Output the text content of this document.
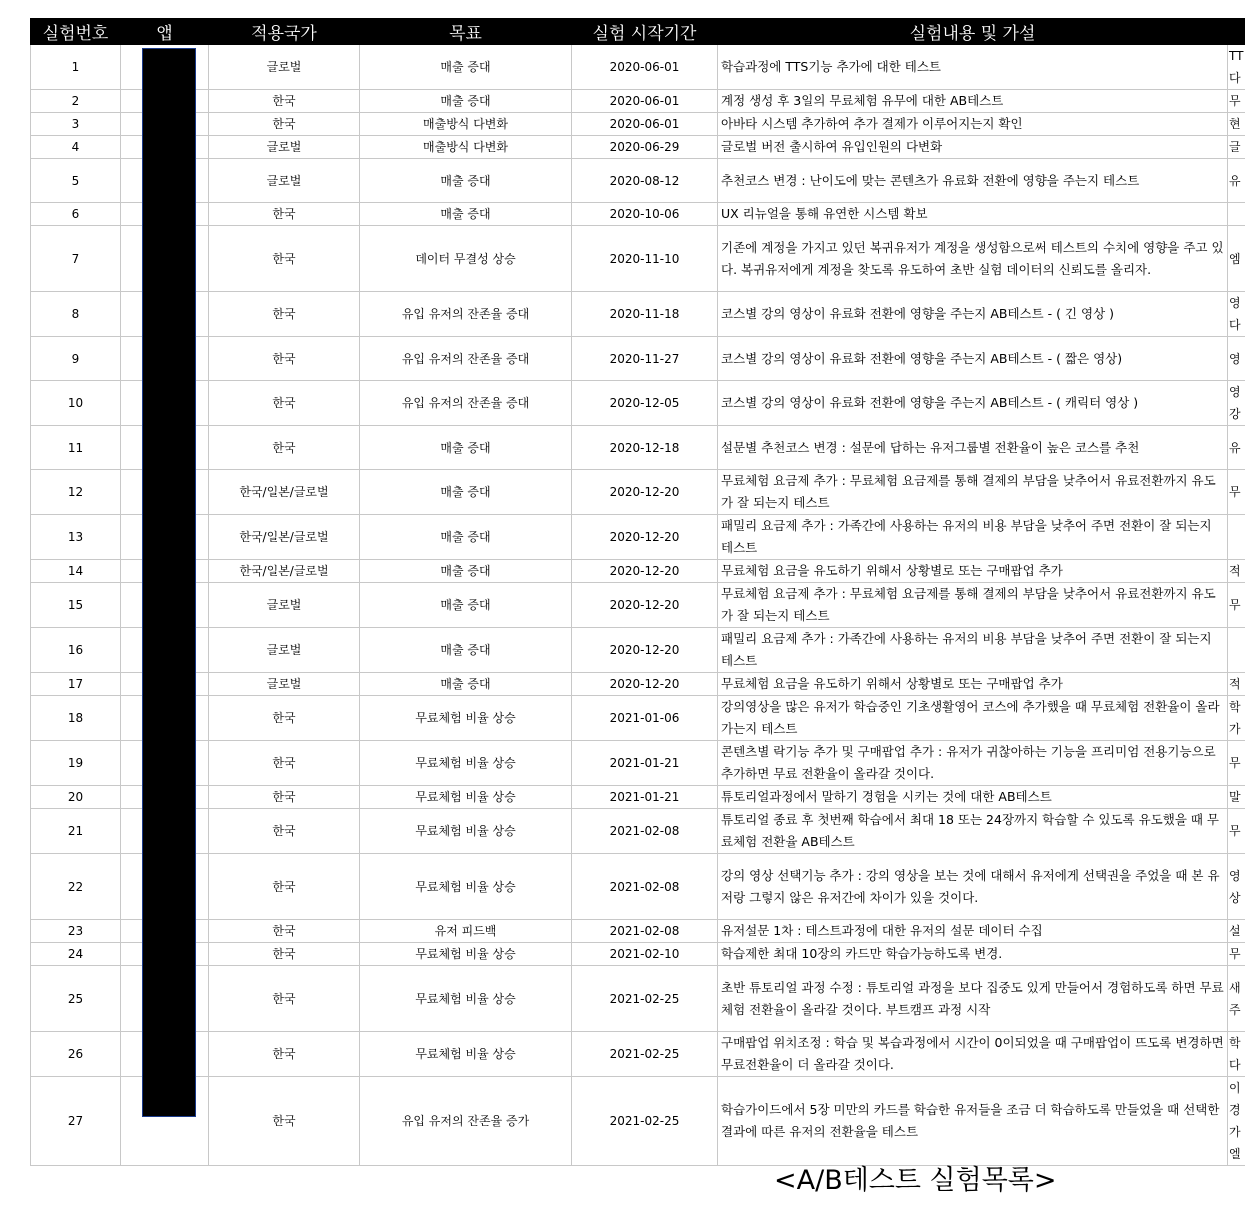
실험번호	앱	적용국가	목표	실험 시작기간	실험내용 및 가설	
1		글로벌	매출 증대	2020-06-01	학습과정에 TTS기능 추가에 대한 테스트	TT 다
2		한국	매출 증대	2020-06-01	계정 생성 후 3일의 무료체험 유무에 대한 AB테스트	무
3		한국	매출방식 다변화	2020-06-01	아바타 시스템 추가하여 추가 결제가 이루어지는지 확인	현
4		글로벌	매출방식 다변화	2020-06-29	글로벌 버전 출시하여 유입인원의 다변화	글
5		글로벌	매출 증대	2020-08-12	추천코스 변경 : 난이도에 맞는 콘텐츠가 유료화 전환에 영향을 주는지 테스트	유
6		한국	매출 증대	2020-10-06	UX 리뉴얼을 통해 유연한 시스템 확보	
7		한국	데이터 무결성 상승	2020-11-10	기존에 계정을 가지고 있던 복귀유저가 계정을 생성함으로써 테스트의 수치에 영향을 주고 있다. 복귀유저에게 계정을 찾도록 유도하여 초반 실험 데이터의 신뢰도를 올리자.	엠
8		한국	유입 유저의 잔존율 증대	2020-11-18	코스별 강의 영상이 유료화 전환에 영향을 주는지 AB테스트 - ( 긴 영상 )	영 다
9		한국	유입 유저의 잔존율 증대	2020-11-27	코스별 강의 영상이 유료화 전환에 영향을 주는지 AB테스트 - ( 짧은 영상)	영
10		한국	유입 유저의 잔존율 증대	2020-12-05	코스별 강의 영상이 유료화 전환에 영향을 주는지 AB테스트 - ( 캐릭터 영상 )	영 강
11		한국	매출 증대	2020-12-18	설문별 추천코스 변경 : 설문에 답하는 유저그룹별 전환율이 높은 코스를 추천	유
12		한국/일본/글로벌	매출 증대	2020-12-20	무료체험 요금제 추가 : 무료체험 요금제를 통해 결제의 부담을 낮추어서 유료전환까지 유도가 잘 되는지 테스트	무
13		한국/일본/글로벌	매출 증대	2020-12-20	패밀리 요금제 추가 : 가족간에 사용하는 유저의 비용 부담을 낮추어 주면 전환이 잘 되는지 테스트	
14		한국/일본/글로벌	매출 증대	2020-12-20	무료체험 요금을 유도하기 위해서 상황별로 또는 구매팝업 추가	적
15		글로벌	매출 증대	2020-12-20	무료체험 요금제 추가 : 무료체험 요금제를 통해 결제의 부담을 낮추어서 유료전환까지 유도가 잘 되는지 테스트	무
16		글로벌	매출 증대	2020-12-20	패밀리 요금제 추가 : 가족간에 사용하는 유저의 비용 부담을 낮추어 주면 전환이 잘 되는지 테스트	
17		글로벌	매출 증대	2020-12-20	무료체험 요금을 유도하기 위해서 상황별로 또는 구매팝업 추가	적
18		한국	무료체험 비율 상승	2021-01-06	강의영상을 많은 유저가 학습중인 기초생활영어 코스에 추가했을 때 무료체험 전환율이 올라가는지 테스트	학 가
19		한국	무료체험 비율 상승	2021-01-21	콘텐츠별 락기능 추가 및 구매팝업 추가 : 유저가 귀찮아하는 기능을 프리미엄 전용기능으로 추가하면 무료 전환율이 올라갈 것이다.	무
20		한국	무료체험 비율 상승	2021-01-21	튜토리얼과정에서 말하기 경험을 시키는 것에 대한 AB테스트	말
21		한국	무료체험 비율 상승	2021-02-08	튜토리얼 종료 후 첫번째 학습에서 최대 18 또는 24장까지 학습할 수 있도록 유도했을 때 무료체험 전환율 AB테스트	무
22		한국	무료체험 비율 상승	2021-02-08	강의 영상 선택기능 추가 : 강의 영상을 보는 것에 대해서 유저에게 선택권을 주었을 때 본 유저랑 그렇지 않은 유저간에 차이가 있을 것이다.	영 상
23		한국	유저 피드백	2021-02-08	유저설문 1차 : 테스트과정에 대한 유저의 설문 데이터 수집	설
24		한국	무료체험 비율 상승	2021-02-10	학습제한 최대 10장의 카드만 학습가능하도록 변경.	무
25		한국	무료체험 비율 상승	2021-02-25	초반 튜토리얼 과정 수정 : 튜토리얼 과정을 보다 집중도 있게 만들어서 경험하도록 하면 무료체험 전환율이 올라갈 것이다. 부트캠프 과정 시작	새 주
26		한국	무료체험 비율 상승	2021-02-25	구매팝업 위치조정 : 학습 및 복습과정에서 시간이 0이되었을 때 구매팝업이 뜨도록 변경하면 무료전환율이 더 올라갈 것이다.	학 다
27		한국	유입 유저의 잔존율 증가	2021-02-25	학습가이드에서 5장 미만의 카드를 학습한 유저들을 조금 더 학습하도록 만들었을 때 선택한 결과에 따른 유저의 전환율을 테스트	이 경 가 엘
<A/B테스트 실험목록>
